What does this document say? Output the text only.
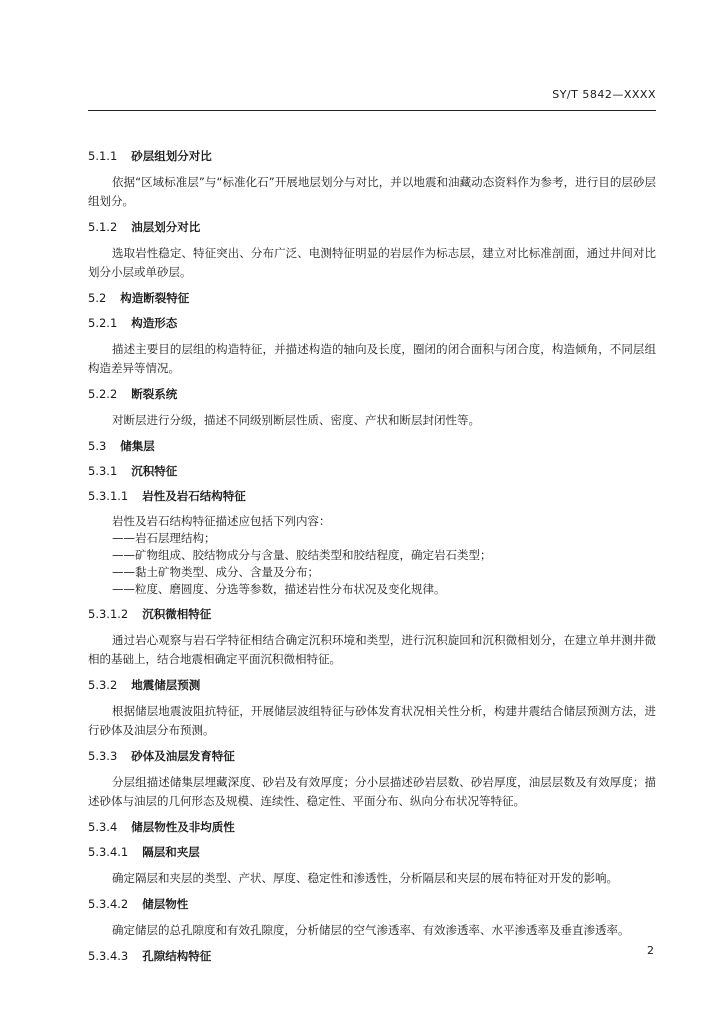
SY/T 5842—XXXX
5.1.1 砂层组划分对比
依据“区域标准层”与“标准化石”开展地层划分与对比，并以地震和油藏动态资料作为参考，进行目的层砂层组划分。
5.1.2 油层划分对比
选取岩性稳定、特征突出、分布广泛、电测特征明显的岩层作为标志层，建立对比标准剖面，通过井间对比划分小层或单砂层。
5.2 构造断裂特征
5.2.1 构造形态
描述主要目的层组的构造特征，并描述构造的轴向及长度，圈闭的闭合面积与闭合度，构造倾角，不同层组构造差异等情况。
5.2.2 断裂系统
对断层进行分级，描述不同级别断层性质、密度、产状和断层封闭性等。
5.3 储集层
5.3.1 沉积特征
5.3.1.1 岩性及岩石结构特征
岩性及岩石结构特征描述应包括下列内容：
——岩石层理结构；
——矿物组成、胶结物成分与含量、胶结类型和胶结程度，确定岩石类型；
——黏土矿物类型、成分、含量及分布；
——粒度、磨圆度、分选等参数，描述岩性分布状况及变化规律。
5.3.1.2 沉积微相特征
通过岩心观察与岩石学特征相结合确定沉积环境和类型，进行沉积旋回和沉积微相划分，在建立单井测井微相的基础上，结合地震相确定平面沉积微相特征。
5.3.2 地震储层预测
根据储层地震波阻抗特征，开展储层波组特征与砂体发育状况相关性分析，构建井震结合储层预测方法，进行砂体及油层分布预测。
5.3.3 砂体及油层发育特征
分层组描述储集层埋藏深度、砂岩及有效厚度；分小层描述砂岩层数、砂岩厚度，油层层数及有效厚度；描述砂体与油层的几何形态及规模、连续性、稳定性、平面分布、纵向分布状况等特征。
5.3.4 储层物性及非均质性
5.3.4.1 隔层和夹层
确定隔层和夹层的类型、产状、厚度、稳定性和渗透性，分析隔层和夹层的展布特征对开发的影响。
5.3.4.2 储层物性
确定储层的总孔隙度和有效孔隙度，分析储层的空气渗透率、有效渗透率、水平渗透率及垂直渗透率。
5.3.4.3 孔隙结构特征	2
